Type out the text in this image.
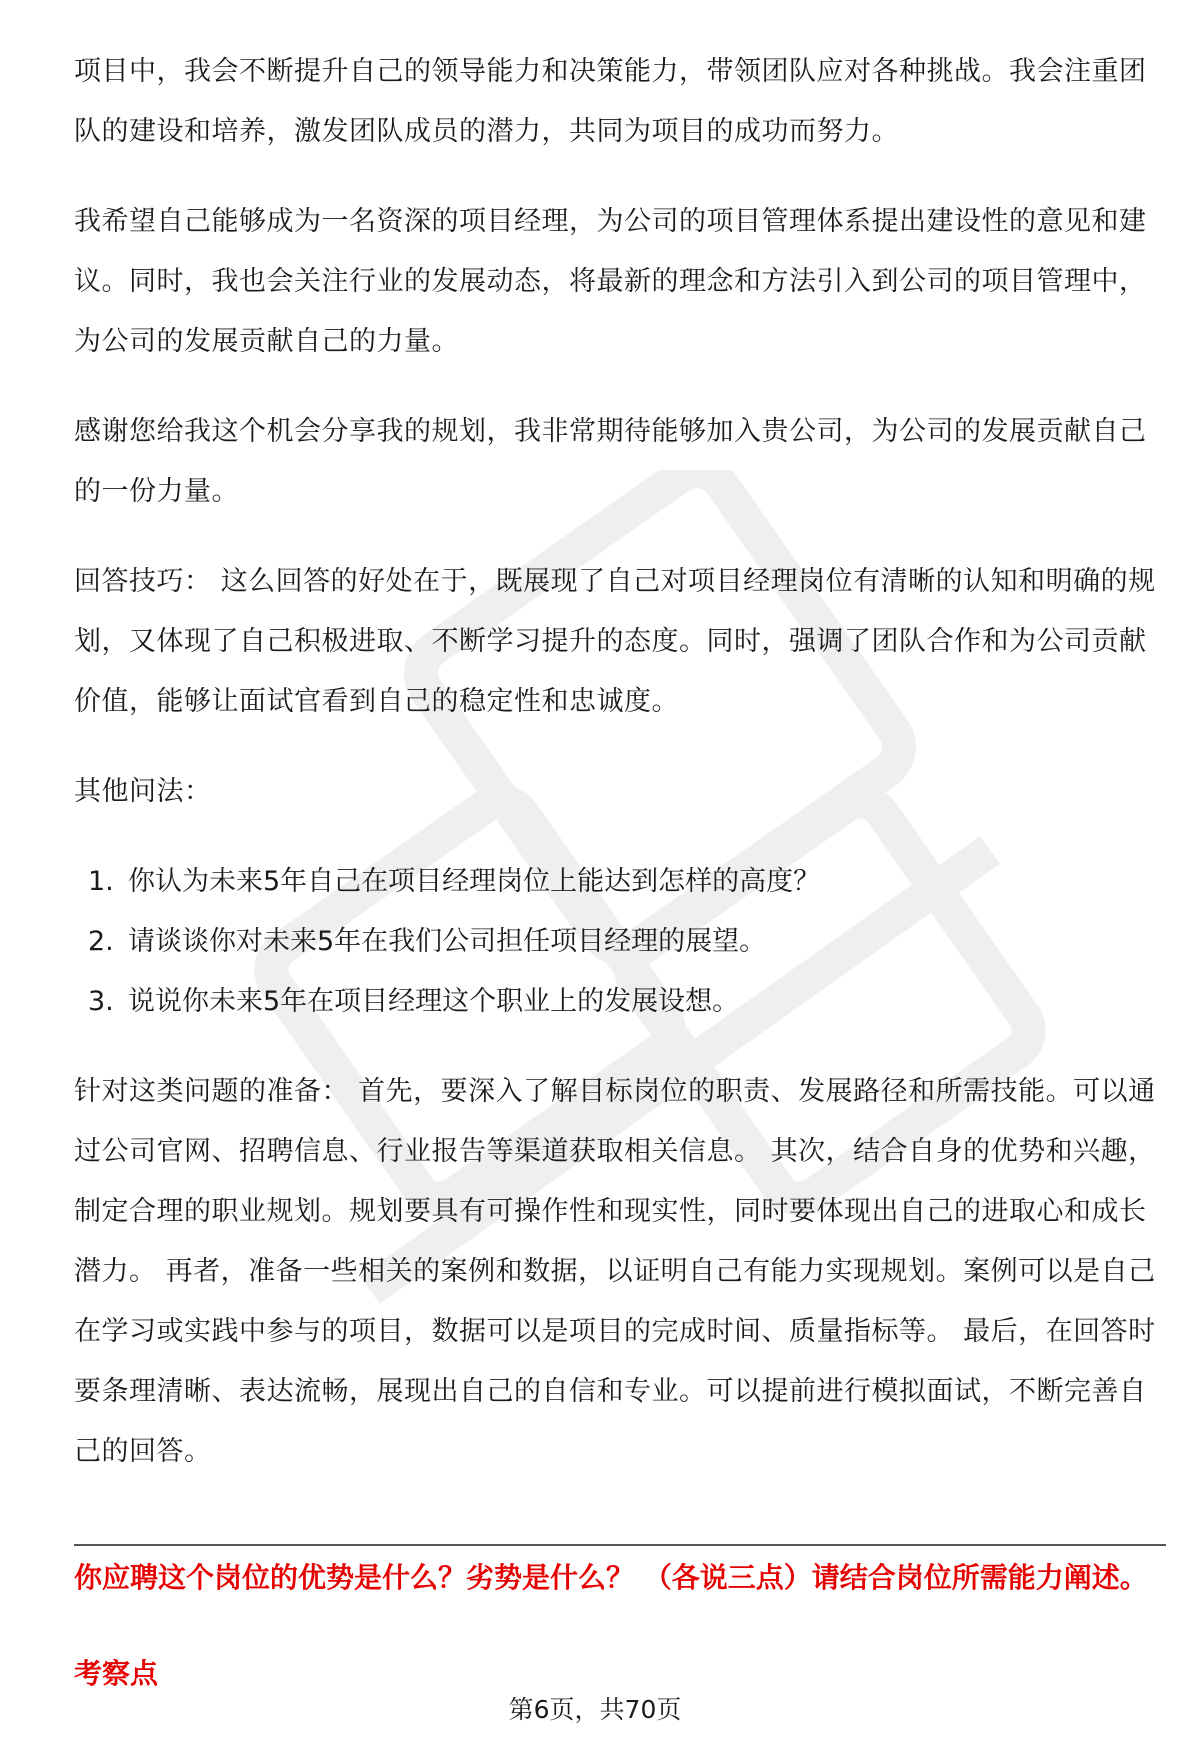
项目中，我会不断提升自己的领导能力和决策能力，带领团队应对各种挑战。我会注重团队的建设和培养，激发团队成员的潜力，共同为项目的成功而努力。

我希望自己能够成为一名资深的项目经理，为公司的项目管理体系提出建设性的意见和建议。同时，我也会关注行业的发展动态，将最新的理念和方法引入到公司的项目管理中，为公司的发展贡献自己的力量。

感谢您给我这个机会分享我的规划，我非常期待能够加入贵公司，为公司的发展贡献自己的一份力量。

回答技巧： 这么回答的好处在于，既展现了自己对项目经理岗位有清晰的认知和明确的规划，又体现了自己积极进取、不断学习提升的态度。同时，强调了团队合作和为公司贡献价值，能够让面试官看到自己的稳定性和忠诚度。

其他问法：

1. 你认为未来5年自己在项目经理岗位上能达到怎样的高度？
2. 请谈谈你对未来5年在我们公司担任项目经理的展望。
3. 说说你未来5年在项目经理这个职业上的发展设想。

针对这类问题的准备： 首先，要深入了解目标岗位的职责、发展路径和所需技能。可以通过公司官网、招聘信息、行业报告等渠道获取相关信息。 其次，结合自身的优势和兴趣，制定合理的职业规划。规划要具有可操作性和现实性，同时要体现出自己的进取心和成长潜力。 再者，准备一些相关的案例和数据，以证明自己有能力实现规划。案例可以是自己在学习或实践中参与的项目，数据可以是项目的完成时间、质量指标等。 最后，在回答时要条理清晰、表达流畅，展现出自己的自信和专业。可以提前进行模拟面试，不断完善自己的回答。

你应聘这个岗位的优势是什么？劣势是什么？ （各说三点）请结合岗位所需能力阐述。
考察点
第6页，共70页
